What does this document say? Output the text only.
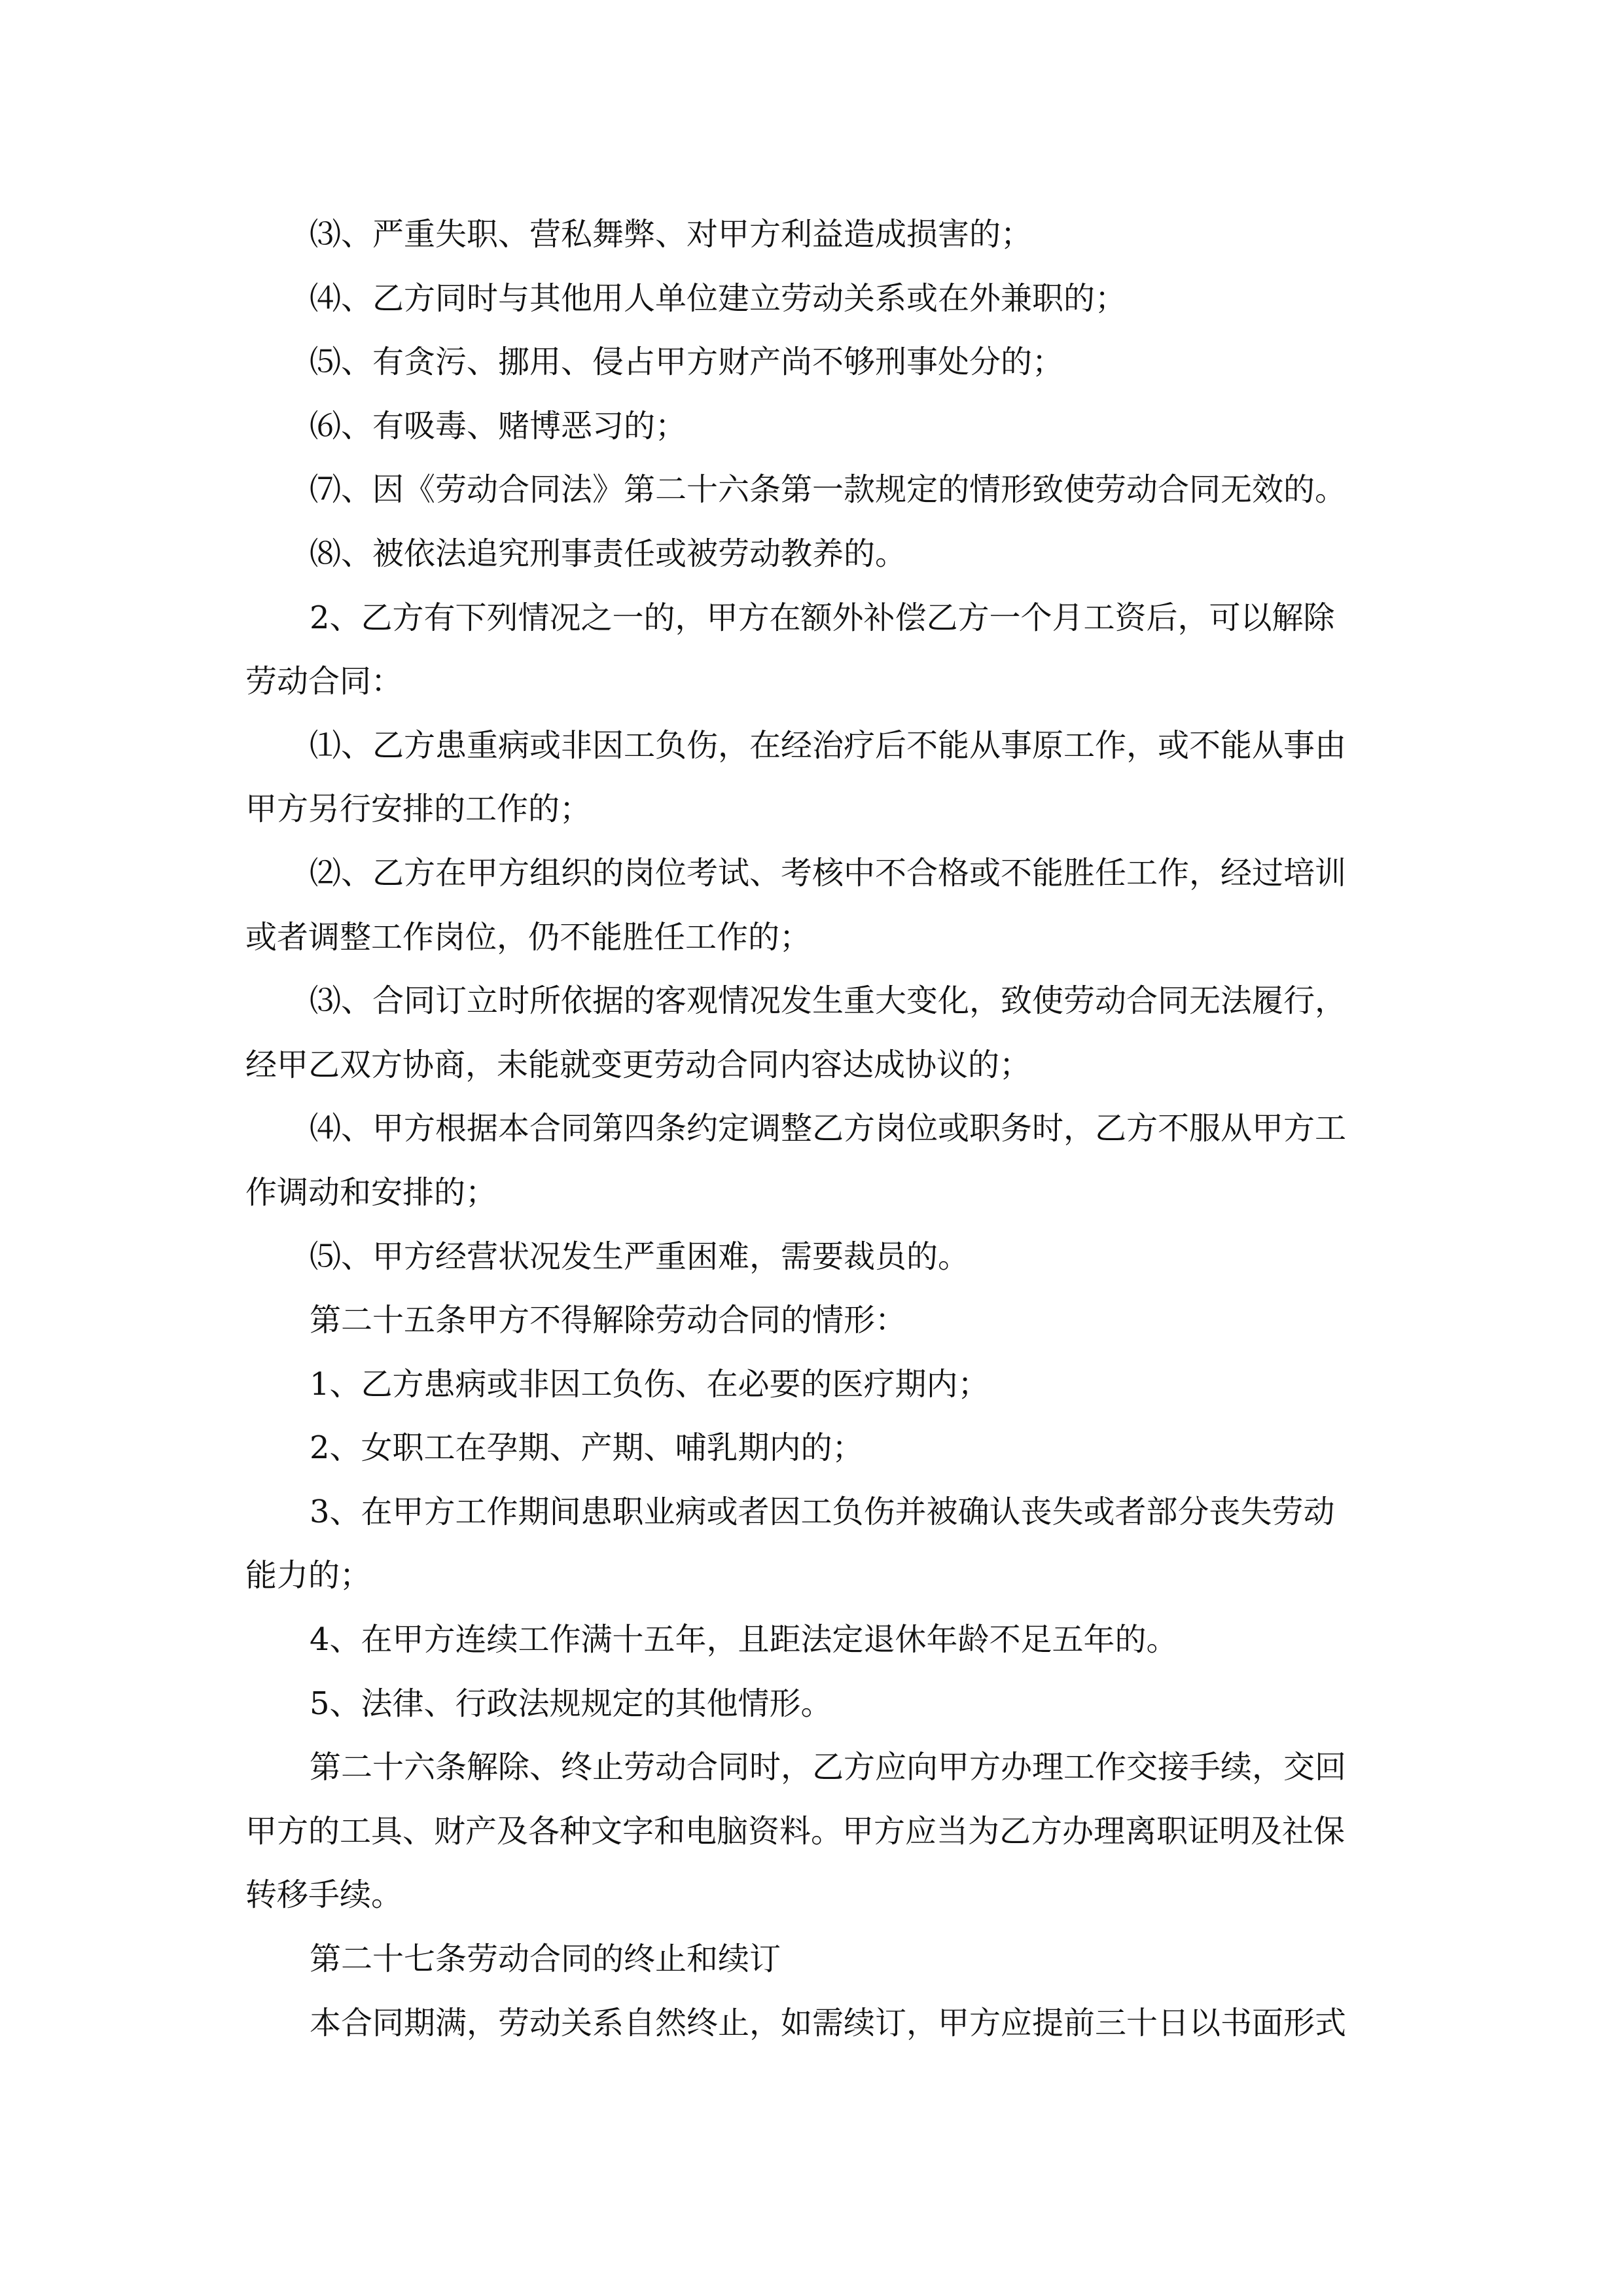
⑶、严重失职、营私舞弊、对甲方利益造成损害的；
⑷、乙方同时与其他用人单位建立劳动关系或在外兼职的；
⑸、有贪污、挪用、侵占甲方财产尚不够刑事处分的；
⑹、有吸毒、赌博恶习的；
⑺、因《劳动合同法》第二十六条第一款规定的情形致使劳动合同无效的。
⑻、被依法追究刑事责任或被劳动教养的。
2、乙方有下列情况之一的，甲方在额外补偿乙方一个月工资后，可以解除
劳动合同：
⑴、乙方患重病或非因工负伤，在经治疗后不能从事原工作，或不能从事由
甲方另行安排的工作的；
⑵、乙方在甲方组织的岗位考试、考核中不合格或不能胜任工作，经过培训
或者调整工作岗位，仍不能胜任工作的；
⑶、合同订立时所依据的客观情况发生重大变化，致使劳动合同无法履行，
经甲乙双方协商，未能就变更劳动合同内容达成协议的；
⑷、甲方根据本合同第四条约定调整乙方岗位或职务时，乙方不服从甲方工
作调动和安排的；
⑸、甲方经营状况发生严重困难，需要裁员的。
第二十五条甲方不得解除劳动合同的情形：
1、乙方患病或非因工负伤、在必要的医疗期内；
2、女职工在孕期、产期、哺乳期内的；
3、在甲方工作期间患职业病或者因工负伤并被确认丧失或者部分丧失劳动
能力的；
4、在甲方连续工作满十五年，且距法定退休年龄不足五年的。
5、法律、行政法规规定的其他情形。
第二十六条解除、终止劳动合同时，乙方应向甲方办理工作交接手续，交回
甲方的工具、财产及各种文字和电脑资料。甲方应当为乙方办理离职证明及社保
转移手续。
第二十七条劳动合同的终止和续订
本合同期满，劳动关系自然终止，如需续订，甲方应提前三十日以书面形式
